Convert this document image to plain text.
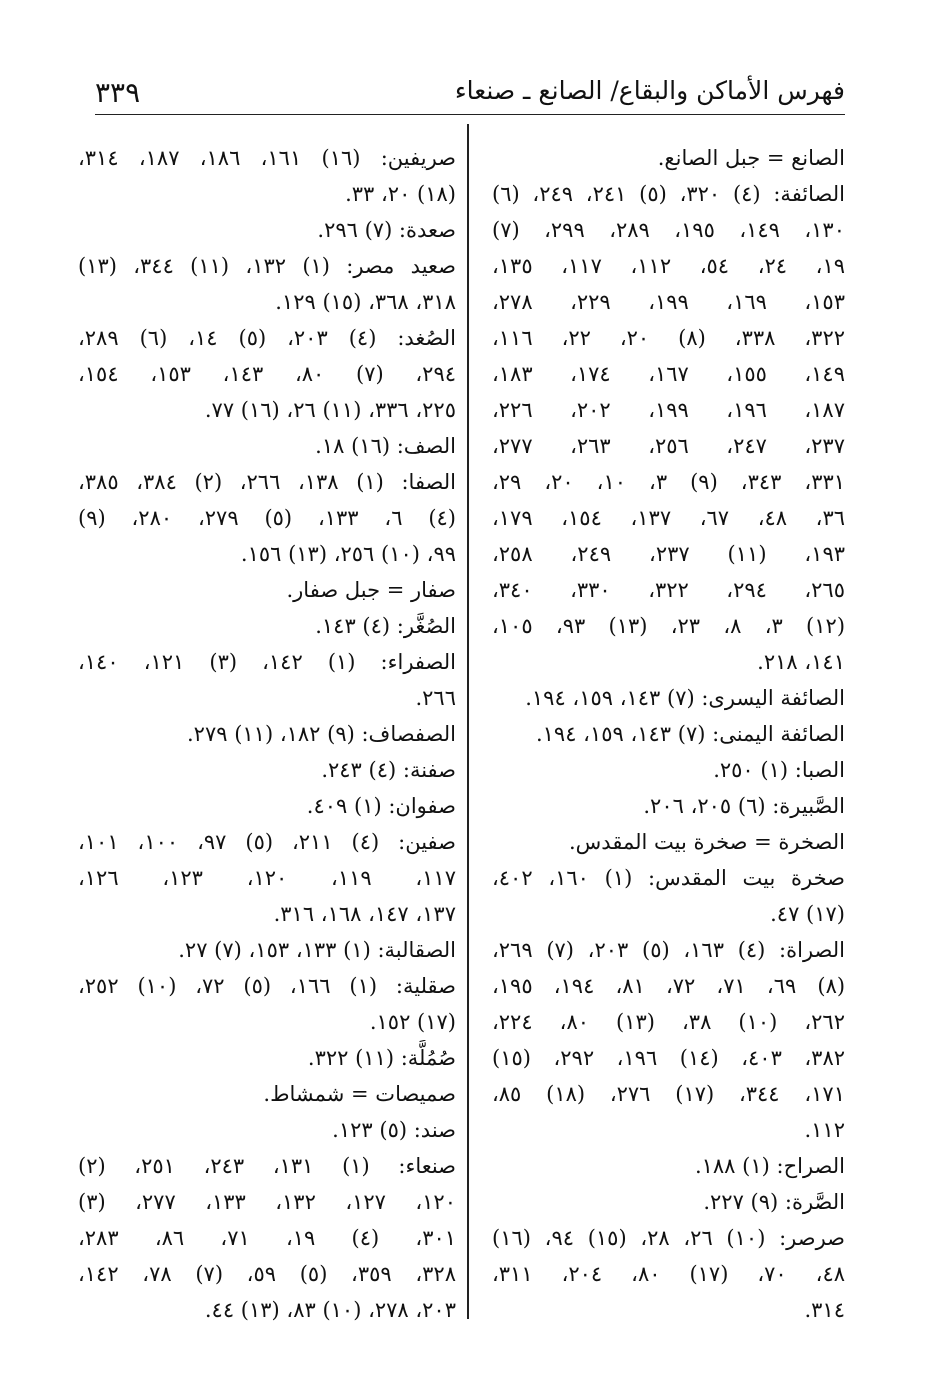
٣٣٩	فهرس الأماكن والبقاع/ الصانع ـ صنعاء
الصانع = جبل الصانع.
الصائفة: (٤) ٣٢٠، (٥) ٢٤١، ٢٤٩، (٦)
١٣٠، ١٤٩، ١٩٥، ٢٨٩، ٢٩٩، (٧)
١٩، ٢٤، ٥٤، ١١٢، ١١٧، ١٣٥،
١٥٣، ١٦٩، ١٩٩، ٢٢٩، ٢٧٨،
٣٢٢، ٣٣٨، (٨) ٢٠، ٢٢، ١١٦،
١٤٩، ١٥٥، ١٦٧، ١٧٤، ١٨٣،
١٨٧، ١٩٦، ١٩٩، ٢٠٢، ٢٢٦،
٢٣٧، ٢٤٧، ٢٥٦، ٢٦٣، ٢٧٧،
٣٣١، ٣٤٣، (٩) ٣، ١٠، ٢٠، ٢٩،
٣٦، ٤٨، ٦٧، ١٣٧، ١٥٤، ١٧٩،
١٩٣، (١١) ٢٣٧، ٢٤٩، ٢٥٨،
٢٦٥، ٢٩٤، ٣٢٢، ٣٣٠، ٣٤٠،
(١٢) ٣، ٨، ٢٣، (١٣) ٩٣، ١٠٥،
١٤١، ٢١٨.
الصائفة اليسرى: (٧) ١٤٣، ١٥٩، ١٩٤.
الصائفة اليمنى: (٧) ١٤٣، ١٥٩، ١٩٤.
الصبا: (١) ٢٥٠.
الصَّبيرة: (٦) ٢٠٥، ٢٠٦.
الصخرة = صخرة بيت المقدس.
صخرة بيت المقدس: (١) ١٦٠، ٤٠٢،
(١٧) ٤٧.
الصراة: (٤) ١٦٣، (٥) ٢٠٣، (٧) ٢٦٩،
(٨) ٦٩، ٧١، ٧٢، ٨١، ١٩٤، ١٩٥،
٢٦٢، (١٠) ٣٨، (١٣) ٨٠، ٢٢٤،
٣٨٢، ٤٠٣، (١٤) ١٩٦، ٢٩٢، (١٥)
١٧١، ٣٤٤، (١٧) ٢٧٦، (١٨) ٨٥،
١١٢.
الصراح: (١) ١٨٨.
الصَّرة: (٩) ٢٢٧.
صرصر: (١٠) ٢٦، ٢٨، (١٥) ٩٤، (١٦)
٤٨، ٧٠، (١٧) ٨٠، ٢٠٤، ٣١١،
٣١٤.
صريفين: (١٦) ١٦١، ١٨٦، ١٨٧، ٣١٤،
(١٨) ٢٠، ٣٣.
صعدة: (٧) ٢٩٦.
صعيد مصر: (١) ١٣٢، (١١) ٣٤٤، (١٣)
٣١٨، ٣٦٨، (١٥) ١٢٩.
الصُغد: (٤) ٢٠٣، (٥) ١٤، (٦) ٢٨٩،
٢٩٤، (٧) ٨٠، ١٤٣، ١٥٣، ١٥٤،
٢٢٥، ٣٣٦، (١١) ٢٦، (١٦) ٧٧.
الصف: (١٦) ١٨.
الصفا: (١) ١٣٨، ٢٦٦، (٢) ٣٨٤، ٣٨٥،
(٤) ٦، ١٣٣، (٥) ٢٧٩، ٢٨٠، (٩)
٩٩، (١٠) ٢٥٦، (١٣) ١٥٦.
صفار = جبل صفار.
الصُغَّر: (٤) ١٤٣.
الصفراء: (١) ١٤٢، (٣) ١٢١، ١٤٠،
٢٦٦.
الصفصاف: (٩) ١٨٢، (١١) ٢٧٩.
صفنة: (٤) ٢٤٣.
صفوان: (١) ٤٠٩.
صفين: (٤) ٢١١، (٥) ٩٧، ١٠٠، ١٠١،
١١٧، ١١٩، ١٢٠، ١٢٣، ١٢٦،
١٣٧، ١٤٧، ١٦٨، ٣١٦.
الصقالبة: (١) ١٣٣، ١٥٣، (٧) ٢٧.
صقلية: (١) ١٦٦، (٥) ٧٢، (١٠) ٢٥٢،
(١٧) ١٥٢.
صُمُلَّة: (١١) ٣٢٢.
صميصات = شمشاط.
صند: (٥) ١٢٣.
صنعاء: (١) ١٣١، ٢٤٣، ٢٥١، (٢)
١٢٠، ١٢٧، ١٣٢، ١٣٣، ٢٧٧، (٣)
٣٠١، (٤) ١٩، ٧١، ٨٦، ٢٨٣،
٣٢٨، ٣٥٩، (٥) ٥٩، (٧) ٧٨، ١٤٢،
٢٠٣، ٢٧٨، (١٠) ٨٣، (١٣) ٤٤.
